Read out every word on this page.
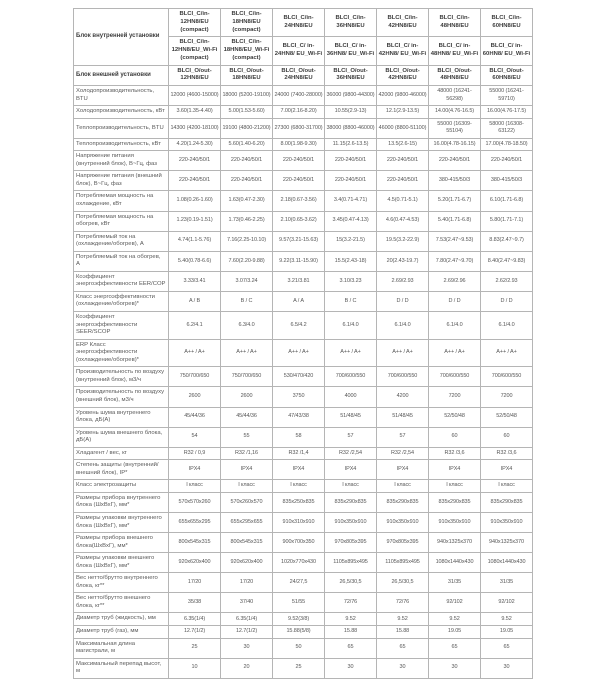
Блок внутренней установки	BLCI_C/in-12HN8/EU (compact)	BLCI_C/in-18HN8/EU (compact)	BLCI_C/in-24HN8/EU	BLCI_C/in-36HN8/EU	BLCI_C/in-42HN8/EU	BLCI_C/in-48HN8/EU	BLCI_C/in-60HN8/EU
	BLCI_C/in-12HN8/EU_Wi-Fi (compact)	BLCI_C/in-18HN8/EU_Wi-Fi (compact)	BLCI_C/ in-24HN8/ EU_Wi-Fi	BLCI_C/ in-36HN8/ EU_Wi-Fi	BLCI_C/ in-42HN8/ EU_Wi-Fi	BLCI_C/ in-48HN8/ EU_Wi-Fi	BLCI_C/ in-60HN8/ EU_Wi-Fi
Блок внешней установки	BLCI_O/out-12HN8/EU	BLCI_O/out-18HN8/EU	BLCI_O/out-24HN8/EU	BLCI_O/out-36HN8/EU	BLCI_O/out-42HN8/EU	BLCI_O/out-48HN8/EU	BLCI_O/out-60HN8/EU
Холодопроизводительность, BTU	12000 (4600-15000)	18000 (5200-19100)	24000 (7400-28000)	36000 (9800-44300)	42000 (9800-46000)	48000 (16241-56298)	55000 (16241-59710)
Холодопроизводительность, кВт	3.60(1.35-4.40)	5.00(1.53-5.60)	7.00(2.16-8.20)	10.55(2.9-13)	12.1(2.9-13.5)	14.00(4.76-16.5)	16.00(4.76-17.5)
Теплопроизводительность, BTU	14300 (4200-18100)	19100 (4800-21200)	27300 (6800-31700)	38000 (8800-46000)	46000 (8800-51100)	55000 (16309-55104)	58000 (16308-63122)
Теплопроизводительность, кВт	4.20(1.24-5.30)	5.60(1.40-6.20)	8.00(1.98-9.30)	11.15(2.6-13.5)	13.5(2.6-15)	16.00(4.78-16.15)	17.00(4.78-18.50)
Напряжение питания (внутренний блок), В~Гц, фаз	220-240/50/1	220-240/50/1	220-240/50/1	220-240/50/1	220-240/50/1	220-240/50/1	220-240/50/1
Напряжение питания (внешний блок), В~Гц, фаз	220-240/50/1	220-240/50/1	220-240/50/1	220-240/50/1	220-240/50/1	380-415/50/3	380-415/50/3
Потребляемая мощность на охлаждение, кВт	1.08(0.26-1.60)	1.63(0.47-2.30)	2.18(0.67-3.56)	3.4(0.71-4.71)	4.5(0.71-5.1)	5.20(1.71-6.7)	6.10(1.71-6.8)
Потребляемая мощность на обогрев, кВт	1.23(0.19-1.51)	1.73(0.46-2.25)	2.10(0.65-3.62)	3.45(0.47-4.13)	4.6(0.47-4.53)	5.40(1.71-6.8)	5.80(1.71-7.1)
Потребляемый ток на (охлаждение/обогрев), А	4.74(1.1-5.76)	7.16(2.25-10.10)	9.57(3.21-15.63)	15(3.2-21.5)	19.5(3.2-22.9)	7.53(2.47~9.53)	8.83(2.47~9.7)
Потребляемый ток на обогрев, А	5.40(0.78-6.6)	7.60(2.20-9.88)	9.22(3.11-15.90)	15.5(2.43-18)	20(2.43-19.7)	7.80(2.47~9.70)	8.40(2.47~9.83)
Коэффициент энергоэффективности EER/COP	3.33/3.41	3.07/3.24	3.21/3.81	3.10/3.23	2.69/2.93	2.69/2.96	2.62/2.93
Класс энергоэффективности (охлаждение/обогрев)*	A / B	B / C	A / A	B / C	D / D	D / D	D / D
Коэффициент энергоэффективности SEER/SCOP	6.2/4.1	6.3/4.0	6.5/4.2	6.1/4.0	6.1/4.0	6.1/4.0	6.1/4.0
ERP Класс энергоэффективности (охлаждение/обогрев)*	A++ / A+	A++ / A+	A++ / A+	A++ / A+	A++ / A+	A++ / A+	A++ / A+
Производительность по воздуху (внутренний блок), м3/ч	750/700/650	750/700/650	530/470/420	700/600/550	700/600/550	700/600/550	700/600/550
Производительность по воздуху (внешний блок), м3/ч	2600	2600	3750	4000	4200	7200	7200
Уровень шума внутреннего блока, дБ(А)	45/44/36	45/44/36	47/43/38	51/48/45	51/48/45	52/50/48	52/50/48
Уровень шума внешнего блока, дБ(А)	54	55	58	57	57	60	60
Хладагент / вес, кг	R32 / 0,9	R32 /1,16	R32 /1,4	R32 /2,54	R32 /2,54	R32 /3,6	R32 /3,6
Степень защиты (внутренний/внешний блок), IP*	IPX4	IPX4	IPX4	IPX4	IPX4	IPX4	IPX4
Класс электрозащиты	I класс	I класс	I класс	I класс	I класс	I класс	I класс
Размеры прибора внутреннего блока (ШхВхГ), мм*	570x570x260	570x260x570	835x250x835	835x290x835	835x290x835	835x290x835	835x290x835
Размеры упаковки внутреннего блока (ШхВхГ), мм*	655x655x295	655x295x655	910x310x910	910x350x910	910x350x910	910x350x910	910x350x910
Размеры прибора внешнего блока(ШхВхГ), мм*	800x545x315	800x545x315	900x700x350	970x805x395	970x805x395	940x1325x370	940x1325x370
Размеры упаковки внешнего блока (ШхВхГ), мм*	920x620x400	920x620x400	1020x770x430	1105x895x495	1105x895x495	1080x1440x430	1080x1440x430
Вес нетто/брутто внутреннего блока, кг**	17/20	17/20	24/27,5	26,5/30,5	26,5/30,5	31/35	31/35
Вес нетто/брутто внешнего блока, кг**	35/38	37/40	51/55	72/76	72/76	92/102	92/102
Диаметр труб (жидкость), мм	6.35(1/4)	6.35(1/4)	9.52(3/8)	9.52	9.52	9.52	9.52
Диаметр труб (газ), мм	12.7(1/2)	12.7(1/2)	15.88(5/8)	15.88	15.88	19.05	19.05
Максимальная длина магистрали, м	25	30	50	65	65	65	65
Максимальный перепад высот, м	10	20	25	30	30	30	30
